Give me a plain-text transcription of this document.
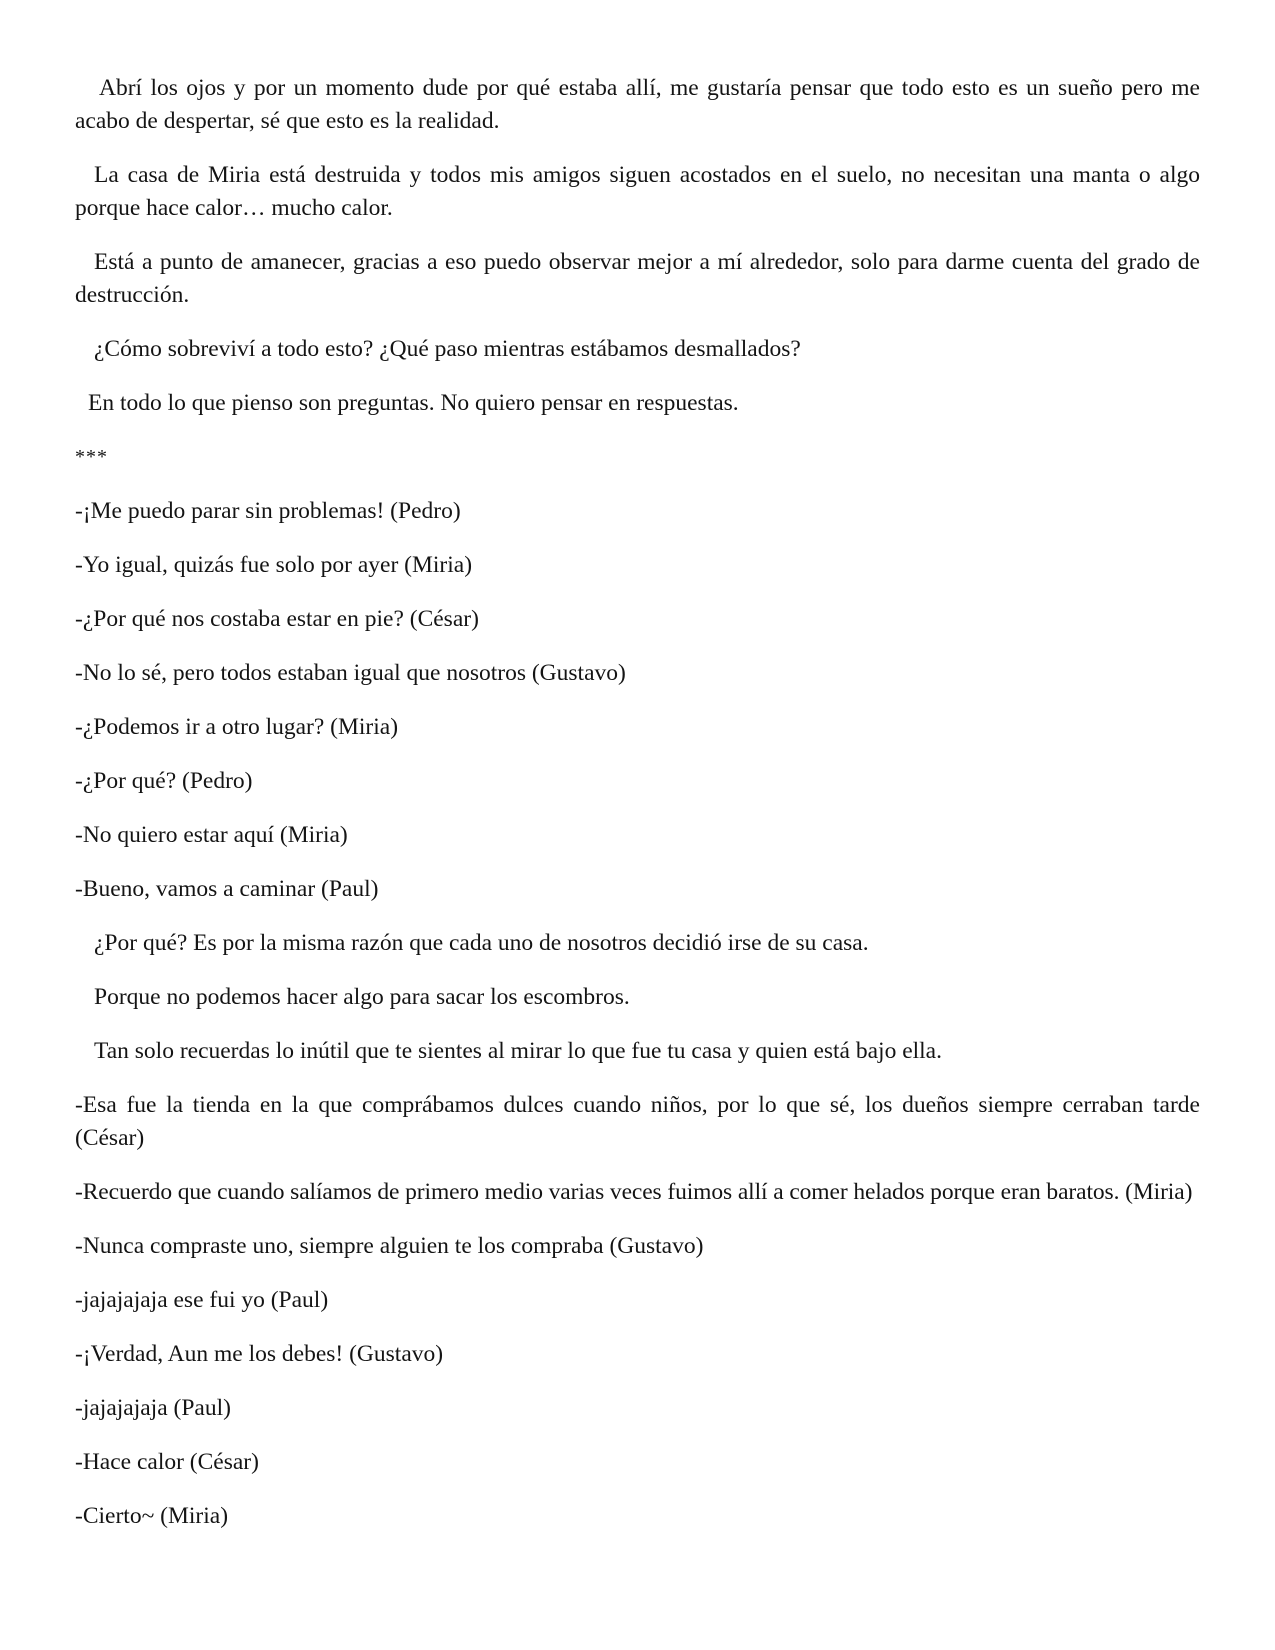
Abrí los ojos y por un momento dude por qué estaba allí, me gustaría pensar que todo esto es un sueño pero me acabo de despertar, sé que esto es la realidad.

La casa de Miria está destruida y todos mis amigos siguen acostados en el suelo, no necesitan una manta o algo porque hace calor… mucho calor.

Está a punto de amanecer, gracias a eso puedo observar mejor a mí alrededor, solo para darme cuenta del grado de destrucción.

¿Cómo sobreviví a todo esto? ¿Qué paso mientras estábamos desmallados?

En todo lo que pienso son preguntas. No quiero pensar en respuestas.

***

-¡Me puedo parar sin problemas! (Pedro)

-Yo igual, quizás fue solo por ayer (Miria)

-¿Por qué nos costaba estar en pie? (César)

-No lo sé, pero todos estaban igual que nosotros (Gustavo)

-¿Podemos ir a otro lugar? (Miria)

-¿Por qué? (Pedro)

-No quiero estar aquí (Miria)

-Bueno, vamos a caminar (Paul)

¿Por qué? Es por la misma razón que cada uno de nosotros decidió irse de su casa.

Porque no podemos hacer algo para sacar los escombros.

Tan solo recuerdas lo inútil que te sientes al mirar lo que fue tu casa y quien está bajo ella.

-Esa fue la tienda en la que comprábamos dulces cuando niños, por lo que sé, los dueños siempre cerraban tarde (César)

-Recuerdo que cuando salíamos de primero medio varias veces fuimos allí a comer helados porque eran baratos. (Miria)

-Nunca compraste uno, siempre alguien te los compraba (Gustavo)

-jajajajaja ese fui yo (Paul)

-¡Verdad, Aun me los debes! (Gustavo)

-jajajajaja (Paul)

-Hace calor (César)

-Cierto~ (Miria)
